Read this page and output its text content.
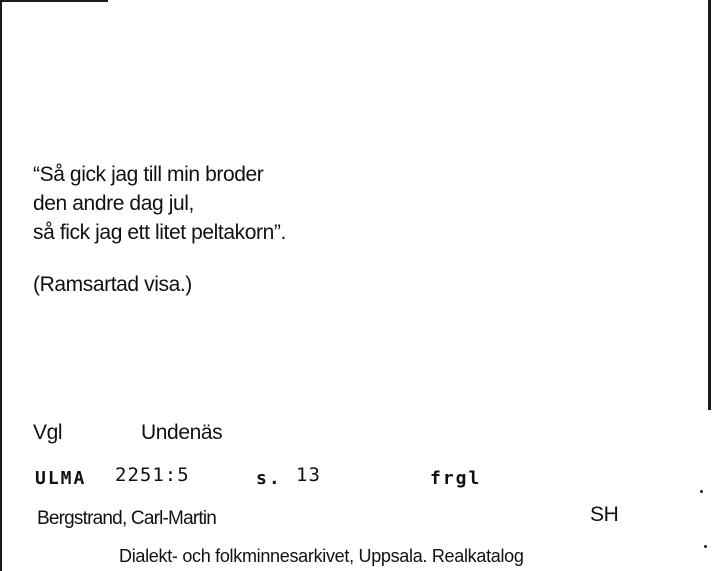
“Så gick jag till min broder
den andre dag jul,
så fick jag ett litet peltakorn”.
(Ramsartad visa.)
Vgl	Undenäs
ULMA 2251:5	s. 13	frgl
Bergstrand, Carl-Martin	SH
Dialekt- och folkminnesarkivet, Uppsala. Realkatalog
